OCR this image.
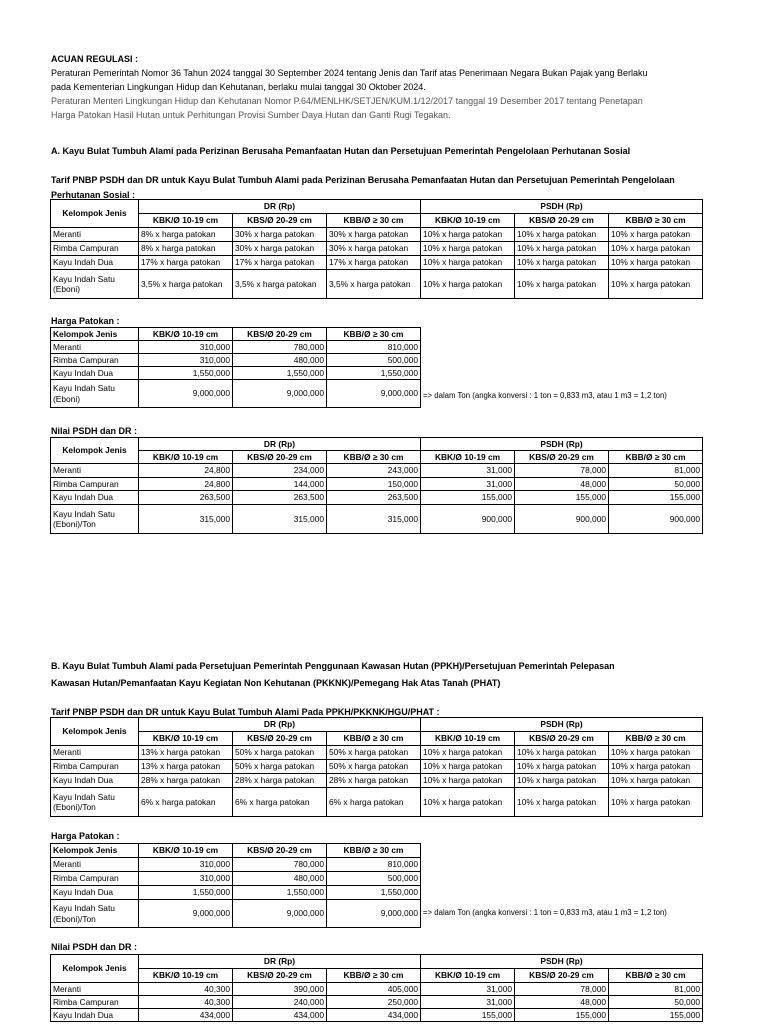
ACUAN REGULASI :
Peraturan Pemerintah Nomor 36 Tahun 2024 tanggal 30 September 2024 tentang Jenis dan Tarif atas Penerimaan Negara Bukan Pajak yang Berlaku
pada Kementerian Lingkungan Hidup dan Kehutanan, berlaku mulai tanggal 30 Oktober 2024.
Peraturan Menteri Lingkungan Hidup dan Kehutanan Nomor P.64/MENLHK/SETJEN/KUM.1/12/2017 tanggal 19 Desember 2017 tentang Penetapan
Harga Patokan Hasil Hutan untuk Perhitungan Provisi Sumber Daya Hutan dan Ganti Rugi Tegakan.
A. Kayu Bulat Tumbuh Alami pada Perizinan Berusaha Pemanfaatan Hutan dan Persetujuan Pemerintah Pengelolaan Perhutanan Sosial
Tarif PNBP PSDH dan DR untuk Kayu Bulat Tumbuh Alami pada Perizinan Berusaha Pemanfaatan Hutan dan Persetujuan Pemerintah Pengelolaan
Perhutanan Sosial :
Kelompok Jenis	DR (Rp)			PSDH (Rp)		
	KBK/Ø 10-19 cm	KBS/Ø 20-29 cm	KBB/Ø ≥ 30 cm	KBK/Ø 10-19 cm	KBS/Ø 20-29 cm	KBB/Ø ≥ 30 cm
Meranti	8% x harga patokan	30% x harga patokan	30% x harga patokan	10% x harga patokan	10% x harga patokan	10% x harga patokan
Rimba Campuran	8% x harga patokan	30% x harga patokan	30% x harga patokan	10% x harga patokan	10% x harga patokan	10% x harga patokan
Kayu Indah Dua	17% x harga patokan	17% x harga patokan	17% x harga patokan	10% x harga patokan	10% x harga patokan	10% x harga patokan
Kayu Indah Satu (Eboni)	3,5% x harga patokan	3,5% x harga patokan	3,5% x harga patokan	10% x harga patokan	10% x harga patokan	10% x harga patokan
Harga Patokan :
Kelompok Jenis	KBK/Ø 10-19 cm	KBS/Ø 20-29 cm	KBB/Ø ≥ 30 cm
Meranti	310,000	780,000	810,000
Rimba Campuran	310,000	480,000	500,000
Kayu Indah Dua	1,550,000	1,550,000	1,550,000
Kayu Indah Satu (Eboni)	9,000,000	9,000,000	9,000,000 => dalam Ton (angka konversi : 1 ton = 0,833 m3, atau 1 m3 = 1,2 ton)
Nilai PSDH dan DR :
Kelompok Jenis	DR (Rp)			PSDH (Rp)		
	KBK/Ø 10-19 cm	KBS/Ø 20-29 cm	KBB/Ø ≥ 30 cm	KBK/Ø 10-19 cm	KBS/Ø 20-29 cm	KBB/Ø ≥ 30 cm
Meranti	24,800	234,000	243,000	31,000	78,000	81,000
Rimba Campuran	24,800	144,000	150,000	31,000	48,000	50,000
Kayu Indah Dua	263,500	263,500	263,500	155,000	155,000	155,000
Kayu Indah Satu (Eboni)/Ton	315,000	315,000	315,000	900,000	900,000	900,000
B. Kayu Bulat Tumbuh Alami pada Persetujuan Pemerintah Penggunaan Kawasan Hutan (PPKH)/Persetujuan Pemerintah Pelepasan
Kawasan Hutan/Pemanfaatan Kayu Kegiatan Non Kehutanan (PKKNK)/Pemegang Hak Atas Tanah (PHAT)
Tarif PNBP PSDH dan DR untuk Kayu Bulat Tumbuh Alami Pada PPKH/PKKNK/HGU/PHAT :
Kelompok Jenis	DR (Rp)			PSDH (Rp)		
	KBK/Ø 10-19 cm	KBS/Ø 20-29 cm	KBB/Ø ≥ 30 cm	KBK/Ø 10-19 cm	KBS/Ø 20-29 cm	KBB/Ø ≥ 30 cm
Meranti	13% x harga patokan	50% x harga patokan	50% x harga patokan	10% x harga patokan	10% x harga patokan	10% x harga patokan
Rimba Campuran	13% x harga patokan	50% x harga patokan	50% x harga patokan	10% x harga patokan	10% x harga patokan	10% x harga patokan
Kayu Indah Dua	28% x harga patokan	28% x harga patokan	28% x harga patokan	10% x harga patokan	10% x harga patokan	10% x harga patokan
Kayu Indah Satu (Eboni)/Ton	6% x harga patokan	6% x harga patokan	6% x harga patokan	10% x harga patokan	10% x harga patokan	10% x harga patokan
Harga Patokan :
Kelompok Jenis	KBK/Ø 10-19 cm	KBS/Ø 20-29 cm	KBB/Ø ≥ 30 cm
Meranti	310,000	780,000	810,000
Rimba Campuran	310,000	480,000	500,000
Kayu Indah Dua	1,550,000	1,550,000	1,550,000
Kayu Indah Satu (Eboni)/Ton	9,000,000	9,000,000	9,000,000 => dalam Ton (angka konversi : 1 ton = 0,833 m3, atau 1 m3 = 1,2 ton)
Nilai PSDH dan DR :
Kelompok Jenis	DR (Rp)			PSDH (Rp)		
	KBK/Ø 10-19 cm	KBS/Ø 20-29 cm	KBB/Ø ≥ 30 cm	KBK/Ø 10-19 cm	KBS/Ø 20-29 cm	KBB/Ø ≥ 30 cm
Meranti	40,300	390,000	405,000	31,000	78,000	81,000
Rimba Campuran	40,300	240,000	250,000	31,000	48,000	50,000
Kayu Indah Dua	434,000	434,000	434,000	155,000	155,000	155,000
